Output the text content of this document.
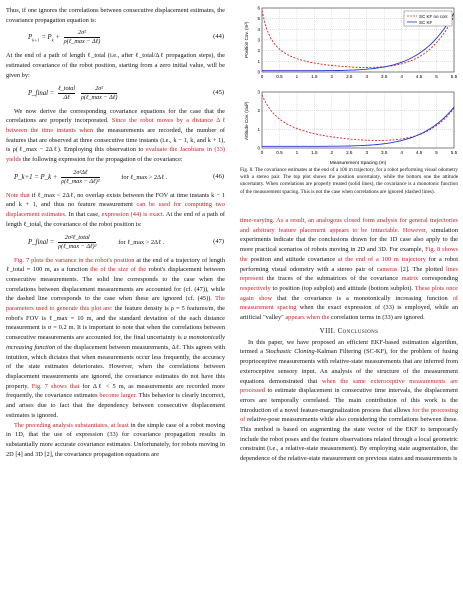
Thus, if one ignores the correlations between consecutive displacement estimates, the covariance propagation equation is:

$P_{k+1} = P_k + \frac{\text{2σ²}}{\text{ρ(ℓ\_max − Δℓ)}}$	(44)

At the end of a path of length ℓ_total (i.e., after ℓ_total/Δℓ propagation steps), the estimated covariance of the robot position, starting from a zero initial value, will be given by:

P_final = $\frac{\text{ℓ\_total}}{\text{Δℓ}}$
$\frac{\text{2σ²}}{\text{ρ(ℓ\_max − Δℓ)}}$	(45)

We now derive the corresponding covariance equations for the case that the correlations are properly incorporated. Since the robot moves by a distance Δℓ between the time instants when the measurements are recorded, the number of features that are observed at three consecutive time instants (i.e., k − 1, k, and k + 1), is ρ(ℓ_max − 2Δℓ). Employing this observation to evaluate the Jacobians in (33) yields the following expression for the propagation of the covariance:

P_k+1 = P_k + $\frac{\text{2σ²Δℓ}}{\text{ρ(ℓ\_max − Δℓ)²}}$	for ℓ_max > 2Δℓ .	(46)

Note that if ℓ_max < 2Δℓ, no overlap exists between the FOV at time instants k − 1 and k + 1, and thus no feature measurement can be used for computing two displacement estimates. In that case, expression (44) is exact. At the end of a path of length ℓ_total, the covariance of the robot position is:

P_final = $\frac{\text{2σ²ℓ\_total}}{\text{ρ(ℓ\_max − Δℓ)²}}$	for ℓ_max > 2Δℓ .	(47)

Fig. 7 plots the variance in the robot's position at the end of a trajectory of length ℓ_total = 100 m, as a function the of the size of the robot's displacement between consecutive measurements. The solid line corresponds to the case when the correlations between displacement measurements are accounted for (cf. (47)), while the dashed line corresponds to the case when these are ignored (cf. (45)). The parameters used to generate this plot are: the feature density is ρ = 5 features/m, the robot's FOV is ℓ_max = 10 m, and the standard deviation of the each distance measurement is σ = 0.2 m. It is important to note that when the correlations between consecutive measurements are accounted for, the final uncertainty is a monotonically increasing function of the displacement between measurements, Δℓ. This agrees with intuition, which dictates that when measurements occur less frequently, the accuracy of the state estimates deteriorates. However, when the correlations between displacement measurements are ignored, the covariance estimates do not have this property. Fig. 7 shows that for Δℓ < 5 m, as measurements are recorded more frequently, the covariance estimates become larger. This behavior is clearly incorrect, and arises due to fact that the dependency between consecutive displacement estimates is ignored.

The preceding analysis substantiates, at least in the simple case of a robot moving in 1D, that the use of expression (33) for covariance propagation results in substantially more accurate covariance estimates. Unfortunately, for robots moving in 2D [4] and 3D [2], the covariance propagation equations are

SC KF no corr.
SC KF
Position Cov. (m²)
0	0.5	1	1.5	2	2.5	3	3.5	4	4.5	5	5.5
0
1
2
3
4
5
6
Attitude Cov. (rad²)
0	0.5	1	1.5	2	2.5	3	3.5	4	4.5	5	5.5
0
1
2
3
Measurement Spacing (m)

Fig. 8. The covariance estimates at the end of a 100 m trajectory, for a robot performing visual odometry with a stereo pair. The top plot shows the position uncertainty, while the bottom one the attitude uncertainty. When correlations are properly treated (solid lines), the covariance is a monotonic function of the measurement spacing. This is not the case when correlations are ignored (dashed lines).

time-varying. As a result, an analogous closed form analysis for general trajectories and arbitrary feature placement appears to be intractable. However, simulation experiments indicate that the conclusions drawn for the 1D case also apply to the more practical scenarios of robots moving in 2D and 3D. For example, Fig. 8 shows the position and attitude covariance at the end of a 100 m trajectory for a robot performing visual odometry with a stereo pair of cameras [2]. The plotted lines represent the traces of the submatrices of the covariance matrix corresponding respectively to position (top subplot) and attitude (bottom subplot). These plots once again show that the covariance is a monotonically increasing function of measurement spacing when the exact expression of (33) is employed, while an artificial "valley" appears when the correlation terms in (33) are ignored.

VIII. Conclusions

In this paper, we have proposed an efficient EKF-based estimation algorithm, termed a Stochastic Cloning-Kalman Filtering (SC-KF), for the problem of fusing proprioceptive measurements with relative-state measurements that are inferred from exteroceptive sensory input. An analysis of the structure of the measurement equations demonstrated that when the same exteroceptive measurements are processed to estimate displacement in consecutive time intervals, the displacement errors are temporally correlated. The main contribution of this work is the introduction of a novel feature-marginalization process that allows for the processing of relative-pose measurements while also considering the correlations between these. This method is based on augmenting the state vector of the EKF to temporarily include the robot poses and the feature observations related through a local geometric constraint (i.e., a relative-state measurement). By employing state augmentation, the dependence of the relative-state measurement on previous states and measurements is
